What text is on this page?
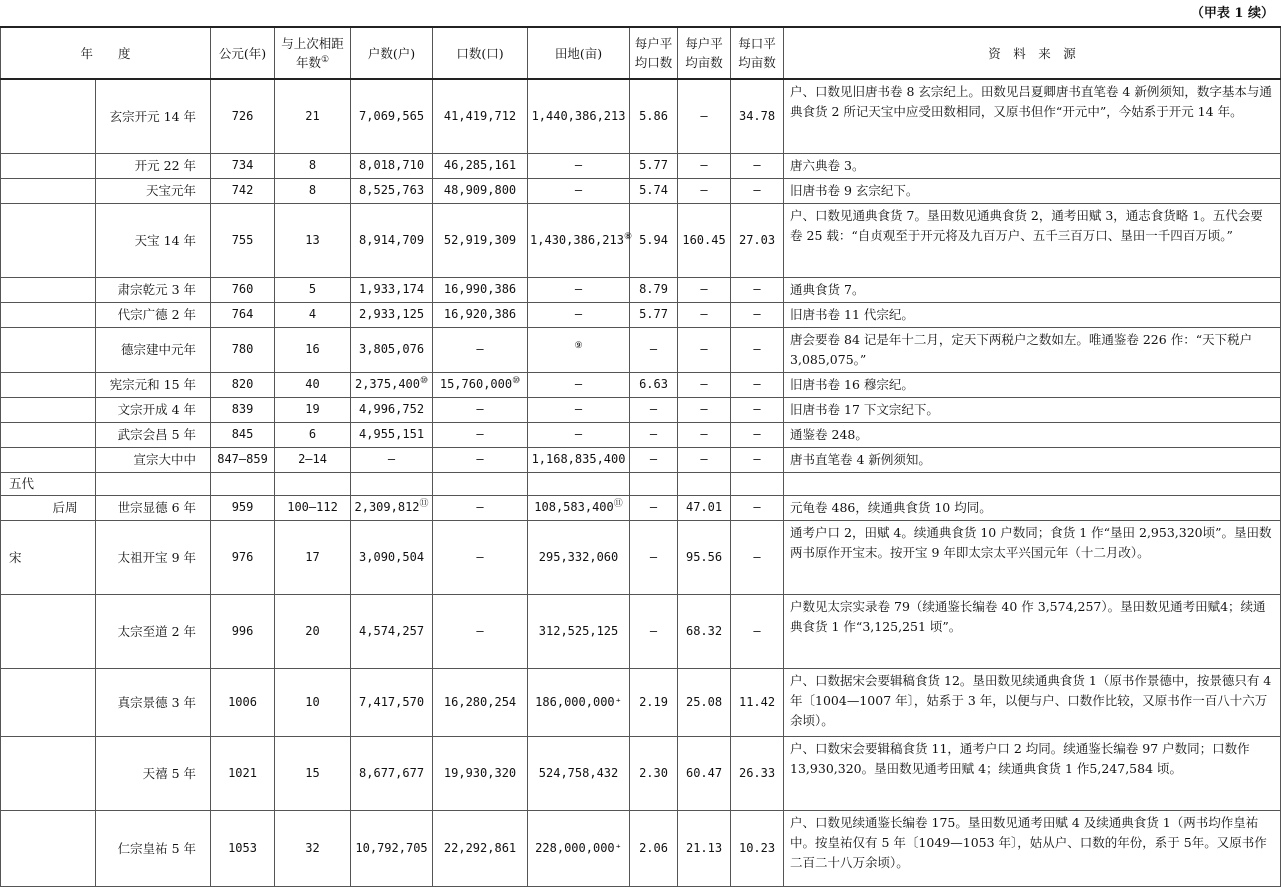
（甲表 1 续）
年　　度			公元(年)	与上次相距年数①	户数(户)	口数(口)	田地(亩)	每户平均口数	每户平均亩数	每口平均亩数	资　料　来　源
		玄宗开元 14 年	726	21	7,069,565	41,419,712	1,440,386,213	5.86	—	34.78	户、口数见旧唐书卷 8 玄宗纪上。田数见吕夏卿唐书直笔卷 4 新例须知，数字基本与通典食货 2 所记天宝中应受田数相同，又原书但作“开元中”，今姑系于开元 14 年。
		开元 22 年	734	8	8,018,710	46,285,161	—	5.77	—	—	唐六典卷 3。
		天宝元年	742	8	8,525,763	48,909,800	—	5.74	—	—	旧唐书卷 9 玄宗纪下。
		天宝 14 年	755	13	8,914,709	52,919,309	1,430,386,213⑧	5.94	160.45	27.03	户、口数见通典食货 7。垦田数见通典食货 2，通考田赋 3，通志食货略 1。五代会要卷 25 载：“自贞观至于开元将及九百万户、五千三百万口、垦田一千四百万顷。”
		肃宗乾元 3 年	760	5	1,933,174	16,990,386	—	8.79	—	—	通典食货 7。
		代宗广德 2 年	764	4	2,933,125	16,920,386	—	5.77	—	—	旧唐书卷 11 代宗纪。
		德宗建中元年	780	16	3,805,076	—	⑨	—	—	—	唐会要卷 84 记是年十二月，定天下两税户之数如左。唯通鉴卷 226 作：“天下税户3,085,075。”
		宪宗元和 15 年	820	40	2,375,400⑩	15,760,000⑩	—	6.63	—	—	旧唐书卷 16 穆宗纪。
		文宗开成 4 年	839	19	4,996,752	—	—	—	—	—	旧唐书卷 17 下文宗纪下。
		武宗会昌 5 年	845	6	4,955,151	—	—	—	—	—	通鉴卷 248。
		宣宗大中中	847—859	2—14	—	—	1,168,835,400	—	—	—	唐书直笔卷 4 新例须知。
五代											
	后周	世宗显德 6 年	959	100—112	2,309,812⑪	—	108,583,400⑪	—	47.01	—	元龟卷 486，续通典食货 10 均同。
宋		太祖开宝 9 年	976	17	3,090,504	—	295,332,060	—	95.56	—	通考户口 2，田赋 4。续通典食货 10 户数同；食货 1 作“垦田 2,953,320顷”。垦田数两书原作开宝末。按开宝 9 年即太宗太平兴国元年（十二月改）。
		太宗至道 2 年	996	20	4,574,257	—	312,525,125	—	68.32	—	户数见太宗实录卷 79（续通鉴长编卷 40 作 3,574,257）。垦田数见通考田赋4；续通典食货 1 作“3,125,251 顷”。
		真宗景德 3 年	1006	10	7,417,570	16,280,254	186,000,000⁺	2.19	25.08	11.42	户、口数据宋会要辑稿食货 12。垦田数见续通典食货 1（原书作景德中，按景德只有 4 年〔1004—1007 年〕，姑系于 3 年，以便与户、口数作比较，又原书作一百八十六万余顷）。
		天禧 5 年	1021	15	8,677,677	19,930,320	524,758,432	2.30	60.47	26.33	户、口数宋会要辑稿食货 11，通考户口 2 均同。续通鉴长编卷 97 户数同；口数作 13,930,320。垦田数见通考田赋 4；续通典食货 1 作5,247,584 顷。
		仁宗皇祐 5 年	1053	32	10,792,705	22,292,861	228,000,000⁺	2.06	21.13	10.23	户、口数见续通鉴长编卷 175。垦田数见通考田赋 4 及续通典食货 1（两书均作皇祐中。按皇祐仅有 5 年〔1049—1053 年〕，姑从户、口数的年份，系于 5年。又原书作二百二十八万余顷）。
